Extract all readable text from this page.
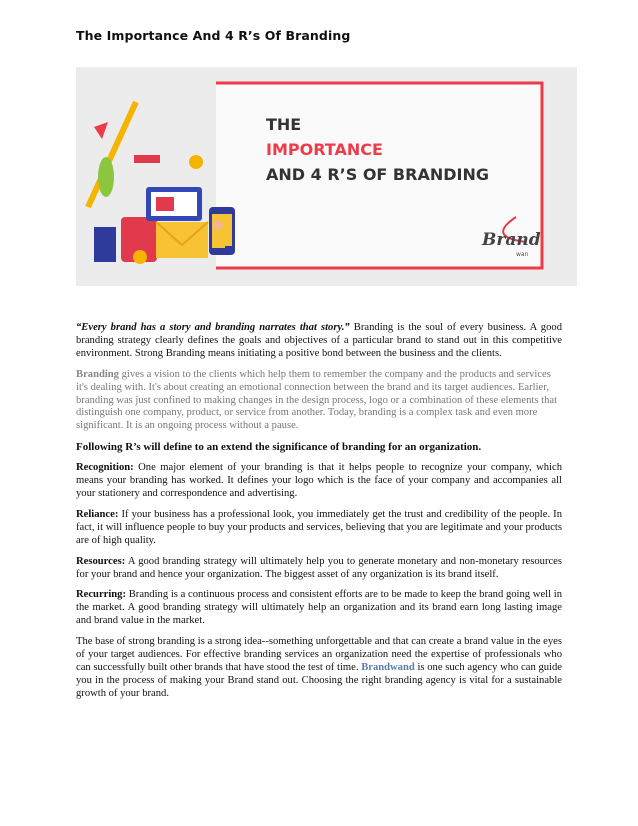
The Importance And 4 R’s Of Branding
THE
IMPORTANCE
AND 4 R’S OF BRANDING
Brand
wan

“Every brand has a story and branding narrates that story.” Branding is the soul of every business. A good branding strategy clearly defines the goals and objectives of a particular brand to stand out in this competitive environment. Strong Branding means initiating a positive bond between the business and the clients.

Branding gives a vision to the clients which help them to remember the company and the products and services it's dealing with. It's about creating an emotional connection between the brand and its target audiences. Earlier, branding was just confined to making changes in the design process, logo or a combination of these elements that distinguish one company, product, or service from another. Today, branding is a complex task and even more significant. It is an ongoing process without a pause.

Following R’s will define to an extend the significance of branding for an organization.

Recognition: One major element of your branding is that it helps people to recognize your company, which means your branding has worked. It defines your logo which is the face of your company and accompanies all your stationery and correspondence and advertising.

Reliance: If your business has a professional look, you immediately get the trust and credibility of the people. In fact, it will influence people to buy your products and services, believing that you are legitimate and your products are of high quality.

Resources: A good branding strategy will ultimately help you to generate monetary and non-monetary resources for your brand and hence your organization. The biggest asset of any organization is its brand itself.

Recurring: Branding is a continuous process and consistent efforts are to be made to keep the brand going well in the market. A good branding strategy will ultimately help an organization and its brand earn long lasting image and brand value in the market.

The base of strong branding is a strong idea--something unforgettable and that can create a brand value in the eyes of your target audiences. For effective branding services an organization need the expertise of professionals who can successfully built other brands that have stood the test of time. Brandwand is one such agency who can guide you in the process of making your Brand stand out. Choosing the right branding agency is vital for a sustainable growth of your brand.
